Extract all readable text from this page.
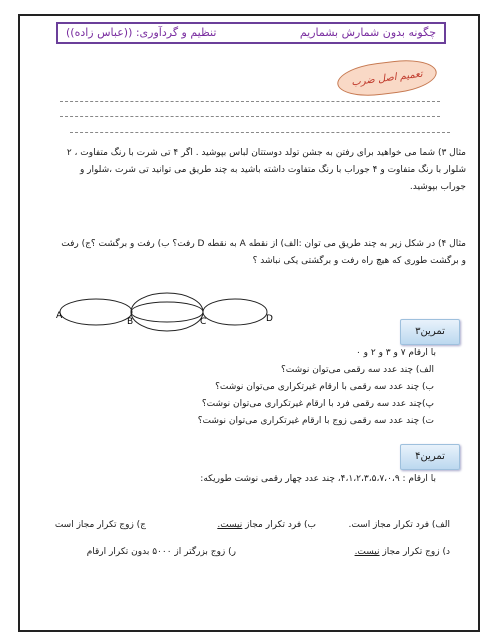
چگونه بدون شمارش بشماریم
تنظیم و گردآوری: ((عباس زاده))
تعمیم اصل ضرب
مثال ۳) شما می خواهید برای رفتن به جشن تولد دوستتان لباس بپوشید . اگر ۴ تی شرت با رنگ متفاوت ، ۲ شلوار با رنگ متفاوت و ۴ جوراب با رنگ متفاوت داشته باشید به چند طریق می توانید تی شرت ،شلوار و جوراب بپوشید.
مثال ۴) در شکل زیر به چند طریق می توان :الف) از نقطه A به نقطه D رفت؟ ب) رفت و برگشت ؟ج) رفت و برگشت طوری که هیچ راه رفت و برگشتی یکی نباشد ؟
A
B	C	D
تمرین۳
با ارقام ۷ و ۳ و ۲ و ۰
الف) چند عدد سه رقمی می‌توان نوشت؟
ب) چند عدد سه رقمی با ارقام غیرتکراری می‌توان نوشت؟
پ)چند عدد سه رقمی فرد با ارقام غیرتکراری می‌توان نوشت؟
ت) چند عدد سه رقمی زوج با ارقام غیرتکراری می‌توان نوشت؟
تمرین۴
با ارقام : ۴،۱،۲،۳،۵،۷،۰،۹، چند عدد چهار رقمی نوشت طوریکه:
الف) فرد تکرار مجاز است.
ب) فرد تکرار مجاز نیست.
ج) زوج تکرار مجاز است
د) زوج تکرار مجاز نیست.
ر) زوج بزرگتر از ۵۰۰۰ بدون تکرار ارقام
